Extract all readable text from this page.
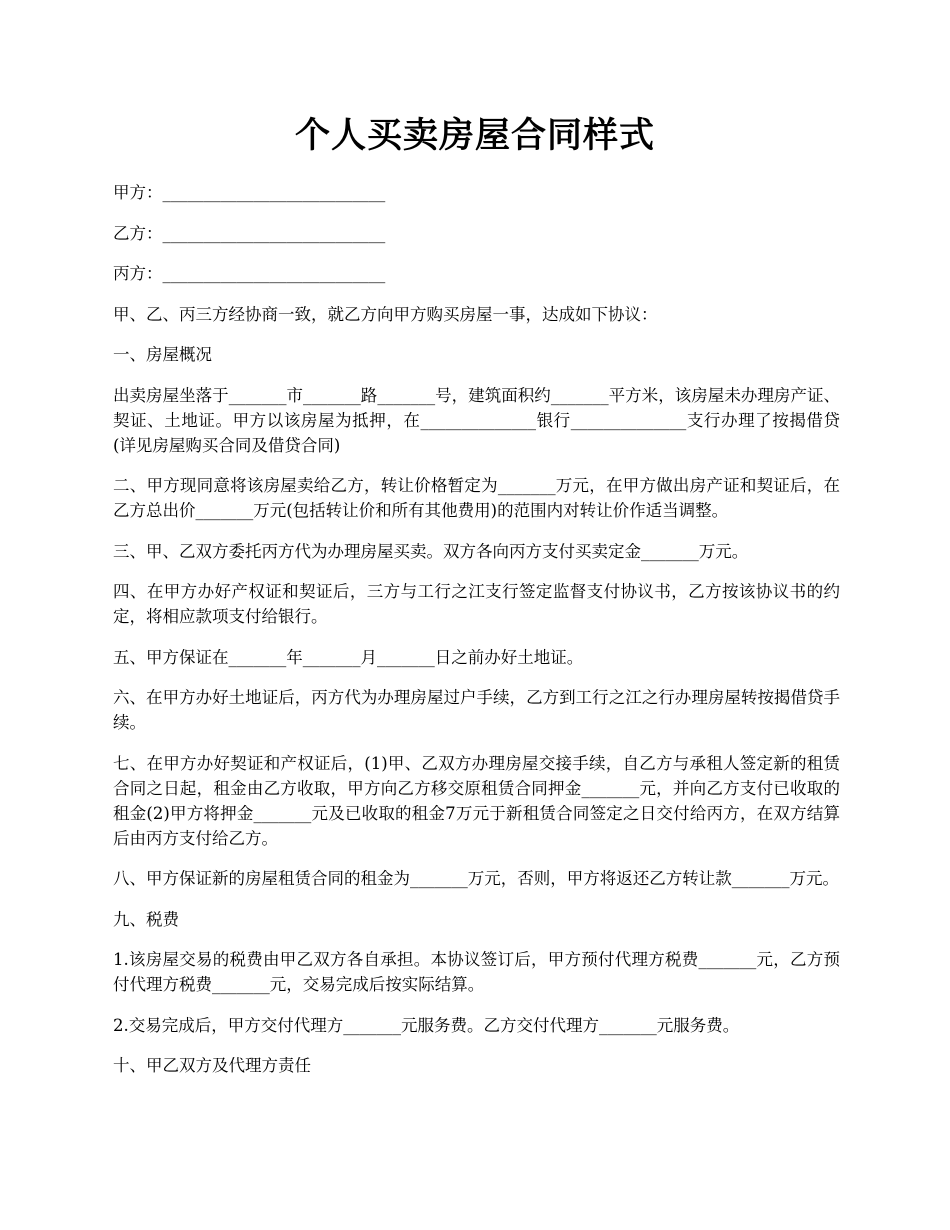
个人买卖房屋合同样式

甲方：___________________________

乙方：___________________________

丙方：___________________________

甲、乙、丙三方经协商一致，就乙方向甲方购买房屋一事，达成如下协议：

一、房屋概况

出卖房屋坐落于_______市_______路_______号，建筑面积约_______平方米，该房屋未办理房产证、契证、土地证。甲方以该房屋为抵押，在______________银行______________支行办理了按揭借贷(详见房屋购买合同及借贷合同)

二、甲方现同意将该房屋卖给乙方，转让价格暂定为_______万元，在甲方做出房产证和契证后，在乙方总出价_______万元(包括转让价和所有其他费用)的范围内对转让价作适当调整。

三、甲、乙双方委托丙方代为办理房屋买卖。双方各向丙方支付买卖定金_______万元。

四、在甲方办好产权证和契证后，三方与工行之江支行签定监督支付协议书，乙方按该协议书的约定，将相应款项支付给银行。

五、甲方保证在_______年_______月_______日之前办好土地证。

六、在甲方办好土地证后，丙方代为办理房屋过户手续，乙方到工行之江之行办理房屋转按揭借贷手续。

七、在甲方办好契证和产权证后，(1)甲、乙双方办理房屋交接手续，自乙方与承租人签定新的租赁合同之日起，租金由乙方收取，甲方向乙方移交原租赁合同押金_______元，并向乙方支付已收取的租金(2)甲方将押金_______元及已收取的租金7万元于新租赁合同签定之日交付给丙方，在双方结算后由丙方支付给乙方。

八、甲方保证新的房屋租赁合同的租金为_______万元，否则，甲方将返还乙方转让款_______万元。

九、税费

1.该房屋交易的税费由甲乙双方各自承担。本协议签订后，甲方预付代理方税费_______元，乙方预付代理方税费_______元，交易完成后按实际结算。

2.交易完成后，甲方交付代理方_______元服务费。乙方交付代理方_______元服务费。

十、甲乙双方及代理方责任
